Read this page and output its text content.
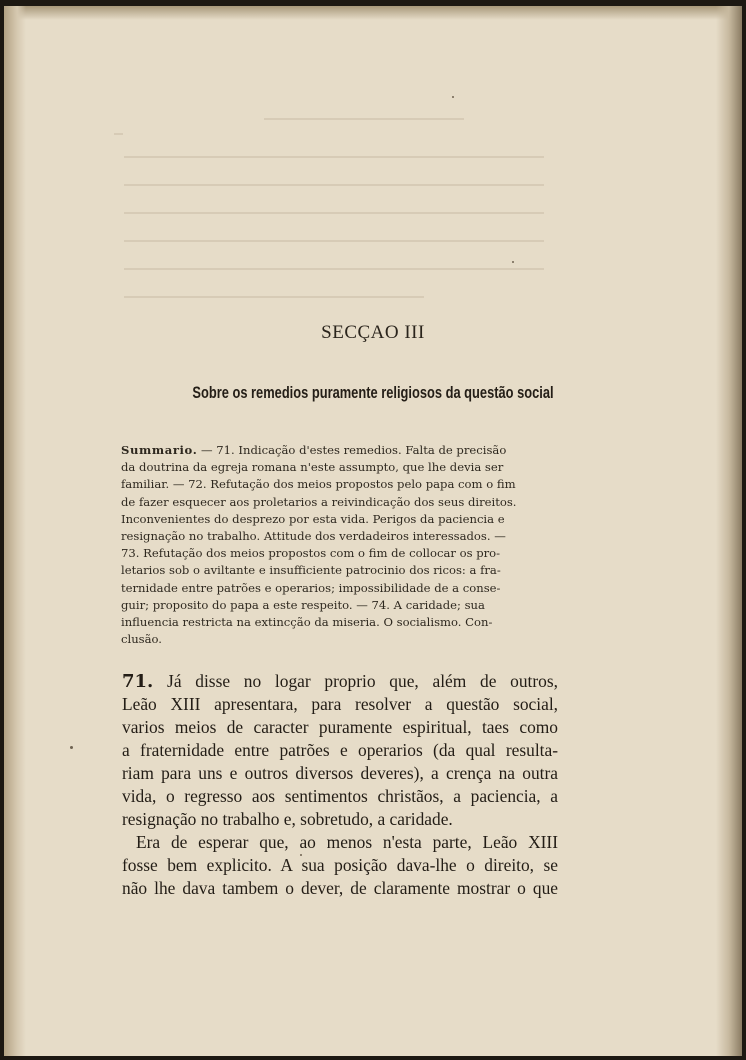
SECÇAO III
Sobre os remedios puramente religiosos da questão social
Summario. — 71. Indicação d'estes remedios. Falta de precisão
da doutrina da egreja romana n'este assumpto, que lhe devia ser
familiar. — 72. Refutação dos meios propostos pelo papa com o fim
de fazer esquecer aos proletarios a reivindicação dos seus direitos.
Inconvenientes do desprezo por esta vida. Perigos da paciencia e
resignação no trabalho. Attitude dos verdadeiros interessados. —
73. Refutação dos meios propostos com o fim de collocar os pro-
letarios sob o aviltante e insufficiente patrocinio dos ricos: a fra-
ternidade entre patrões e operarios; impossibilidade de a conse-
guir; proposito do papa a este respeito. — 74. A caridade; sua
influencia restricta na extincção da miseria. O socialismo. Con-
clusão.
71. Já disse no logar proprio que, além de outros,
Leão XIII apresentara, para resolver a questão social,
varios meios de caracter puramente espiritual, taes como
a fraternidade entre patrões e operarios (da qual resulta-
riam para uns e outros diversos deveres), a crença na outra
vida, o regresso aos sentimentos christãos, a paciencia, a
resignação no trabalho e, sobretudo, a caridade.
Era de esperar que, ao menos n'esta parte, Leão XIII
fosse bem explicito. A sua posição dava-lhe o direito, se
não lhe dava tambem o dever, de claramente mostrar o que
